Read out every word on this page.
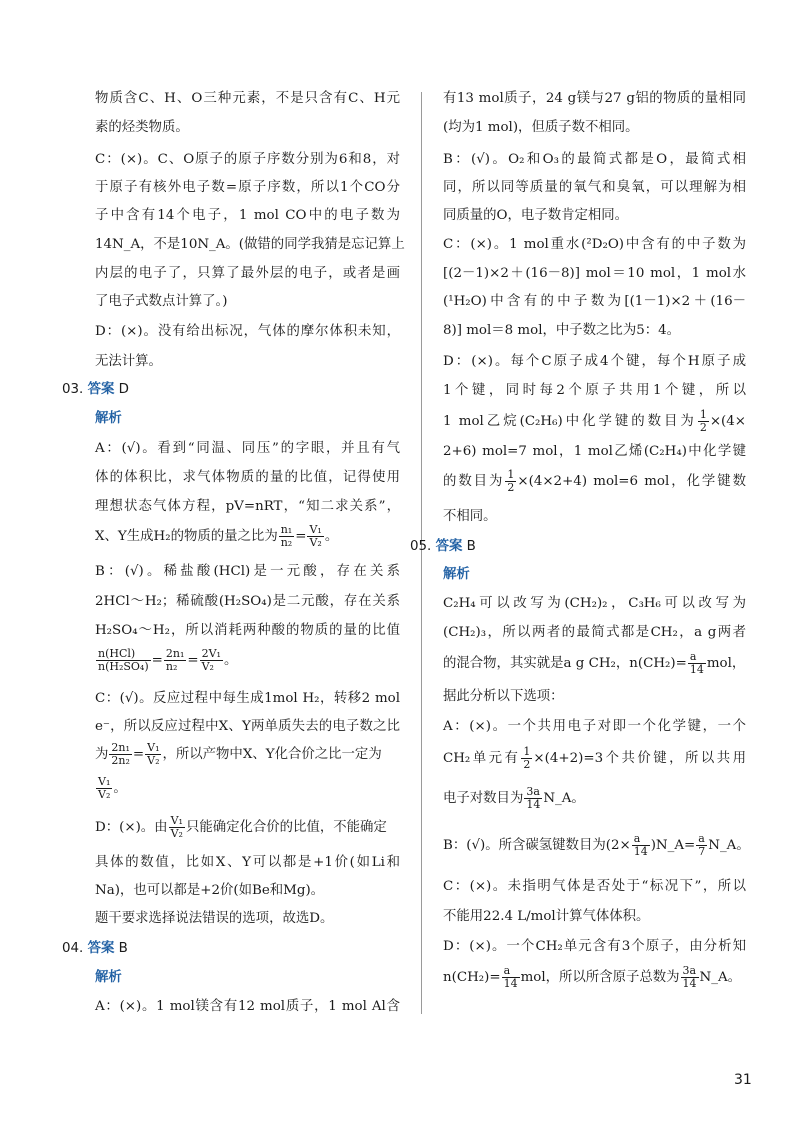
物质含C、H、O三种元素，不是只含有C、H元
素的烃类物质。
C：(×)。C、O原子的原子序数分别为6和8，对
于原子有核外电子数=原子序数，所以1个CO分
子中含有14个电子，1 mol CO中的电子数为
14N_A，不是10N_A。(做错的同学我猜是忘记算上
内层的电子了，只算了最外层的电子，或者是画
了电子式数点计算了。)
D：(×)。没有给出标况，气体的摩尔体积未知，
无法计算。
03. 答案 D
解析
A：(√)。看到“同温、同压”的字眼，并且有气
体的体积比，求气体物质的量的比值，记得使用
理想状态气体方程，pV=nRT，“知二求关系”，
X、Y生成H₂的物质的量之比为 $\frac{\text{n₁}}{\text{n₂}} = \frac{\text{V₁}}{\text{V₂}}$ 。
B：(√)。稀盐酸(HCl)是一元酸，存在关系
2HCl～H₂；稀硫酸(H₂SO₄)是二元酸，存在关系
H₂SO₄～H₂，所以消耗两种酸的物质的量的比值
$\frac{\text{n(HCl)}}{\text{n(H₂SO₄)}} = \frac{\text{2n₁}}{\text{n₂}} = \frac{\text{2V₁}}{\text{V₂}}$ 。
C：(√)。反应过程中每生成1mol H₂，转移2 mol
e⁻，所以反应过程中X、Y两单质失去的电子数之比
为 $\frac{\text{2n₁}}{\text{2n₂}} = \frac{\text{V₁}}{\text{V₂}}$ ，所以产物中X、Y化合价之比一定为
$\frac{\text{V₁}}{\text{V₂}}$ 。
D：(×)。由 $\frac{\text{V₁}}{\text{V₂}}$ 只能确定化合价的比值，不能确定
具体的数值，比如X、Y可以都是+1价(如Li和
Na)，也可以都是+2价(如Be和Mg)。
题干要求选择说法错误的选项，故选D。
04. 答案 B
解析
A：(×)。1 mol镁含有12 mol质子，1 mol Al含
有13 mol质子，24 g镁与27 g铝的物质的量相同
(均为1 mol)，但质子数不相同。
B：(√)。O₂和O₃的最简式都是O，最简式相
同，所以同等质量的氧气和臭氧，可以理解为相
同质量的O，电子数肯定相同。
C：(×)。1 mol重水(²D₂O)中含有的中子数为
[(2－1)×2＋(16－8)] mol＝10 mol，1 mol水
(¹H₂O)中含有的中子数为[(1－1)×2＋(16－
8)] mol＝8 mol，中子数之比为5：4。
D：(×)。每个C原子成4个键，每个H原子成
1个键，同时每2个原子共用1个键，所以
1 mol乙烷(C₂H₆)中化学键的数目为 $\frac{1}{2} \times(4\times$
2+6) mol=7 mol，1 mol乙烯(C₂H₄)中化学键
的数目为 $\frac{1}{2} \times(4\times 2+4)$ mol=6 mol，化学键数
不相同。
05. 答案 B
解析
C₂H₄可以改写为(CH₂)₂，C₃H₆可以改写为
(CH₂)₃，所以两者的最简式都是CH₂，a g两者
的混合物，其实就是a g CH₂，$n(CH_2)= \frac{a}{14}$ mol，
据此分析以下选项：
A：(×)。一个共用电子对即一个化学键，一个
CH₂单元有 $\frac{1}{2} \times(4+2)=3$个共价键，所以共用
电子对数目为 $\frac{3a}{14}$ N_A。
B：(√)。所含碳氢键数目为($2\times \frac{a}{14}$ )N_A= $\frac{a}{7}$ N_A。
C：(×)。未指明气体是否处于“标况下”，所以
不能用22.4 L/mol计算气体体积。
D：(×)。一个CH₂单元含有3个原子，由分析知
$n(CH_2)= \frac{a}{14}$ mol，所以所含原子总数为 $\frac{3a}{14}$ N_A。
31
